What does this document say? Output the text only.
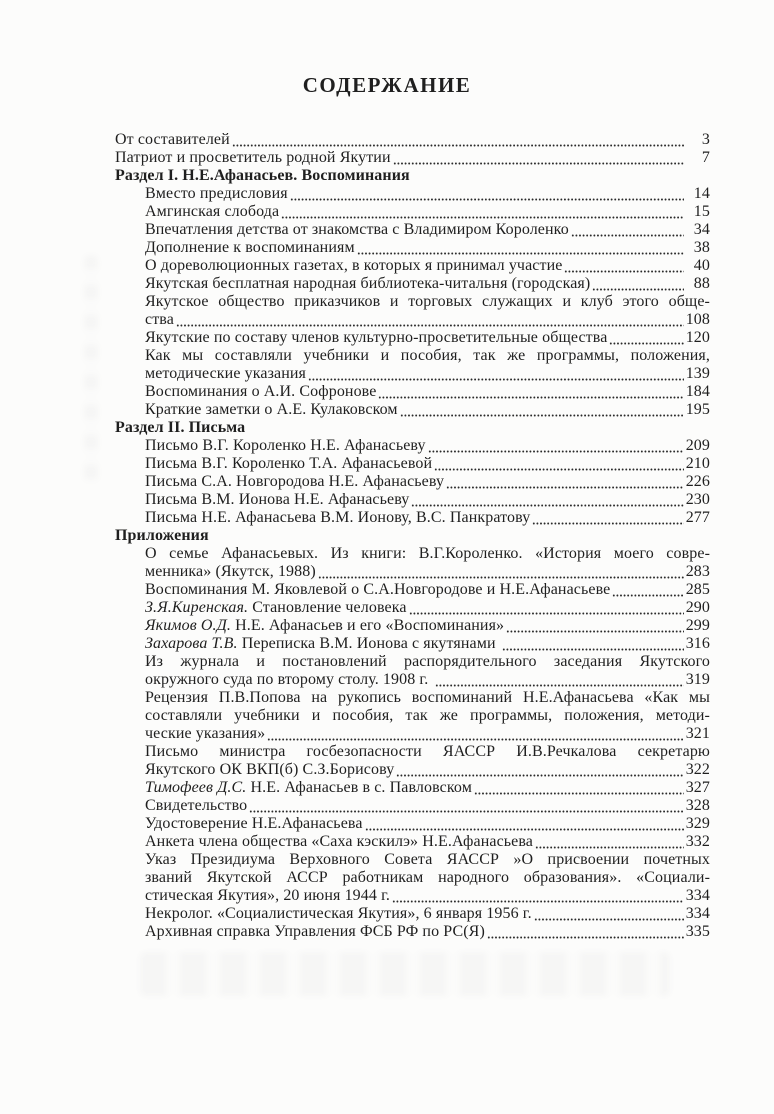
СОДЕРЖАНИЕ
От составителей	3
Патриот и просветитель родной Якутии	7
Раздел I. Н.Е.Афанасьев. Воспоминания
Вместо предисловия	14
Амгинская слобода	15
Впечатления детства от знакомства с Владимиром Короленко	34
Дополнение к воспоминаниям	38
О дореволюционных газетах, в которых я принимал участие	40
Якутская бесплатная народная библиотека-читальня (городская)	88
Якутское общество приказчиков и торговых служащих и клуб этого обще-
ства	108
Якутские по составу членов культурно-просветительные общества	120
Как мы составляли учебники и пособия, так же программы, положения,
методические указания	139
Воспоминания о А.И. Софронове	184
Краткие заметки о А.Е. Кулаковском	195
Раздел II. Письма
Письмо В.Г. Короленко Н.Е. Афанасьеву	209
Письма В.Г. Короленко Т.А. Афанасьевой	210
Письма С.А. Новгородова Н.Е. Афанасьеву	226
Письма В.М. Ионова Н.Е. Афанасьеву	230
Письма Н.Е. Афанасьева В.М. Ионову, В.С. Панкратову	277
Приложения
О семье Афанасьевых. Из книги: В.Г.Короленко. «История моего совре-
менника» (Якутск, 1988)	283
Воспоминания М. Яковлевой о С.А.Новгородове и Н.Е.Афанасьеве	285
З.Я.Киренская. Становление человека	290
Якимов О.Д. Н.Е. Афанасьев и его «Воспоминания»	299
Захарова Т.В. Переписка В.М. Ионова с якутянами	316
Из журнала и постановлений распорядительного заседания Якутского
окружного суда по второму столу. 1908 г.	319
Рецензия П.В.Попова на рукопись воспоминаний Н.Е.Афанасьева «Как мы
составляли учебники и пособия, так же программы, положения, методи-
ческие указания»	321
Письмо министра госбезопасности ЯАССР И.В.Речкалова секретарю
Якутского ОК ВКП(б) С.З.Борисову	322
Тимофеев Д.С. Н.Е. Афанасьев в с. Павловском	327
Свидетельство	328
Удостоверение Н.Е.Афанасьева	329
Анкета члена общества «Саха кэскилэ» Н.Е.Афанасьева	332
Указ Президиума Верховного Совета ЯАССР »О присвоении почетных
званий Якутской АССР работникам народного образования». «Социали-
стическая Якутия», 20 июня 1944 г.	334
Некролог. «Социалистическая Якутия», 6 января 1956 г.	334
Архивная справка Управления ФСБ РФ по РС(Я)	335
